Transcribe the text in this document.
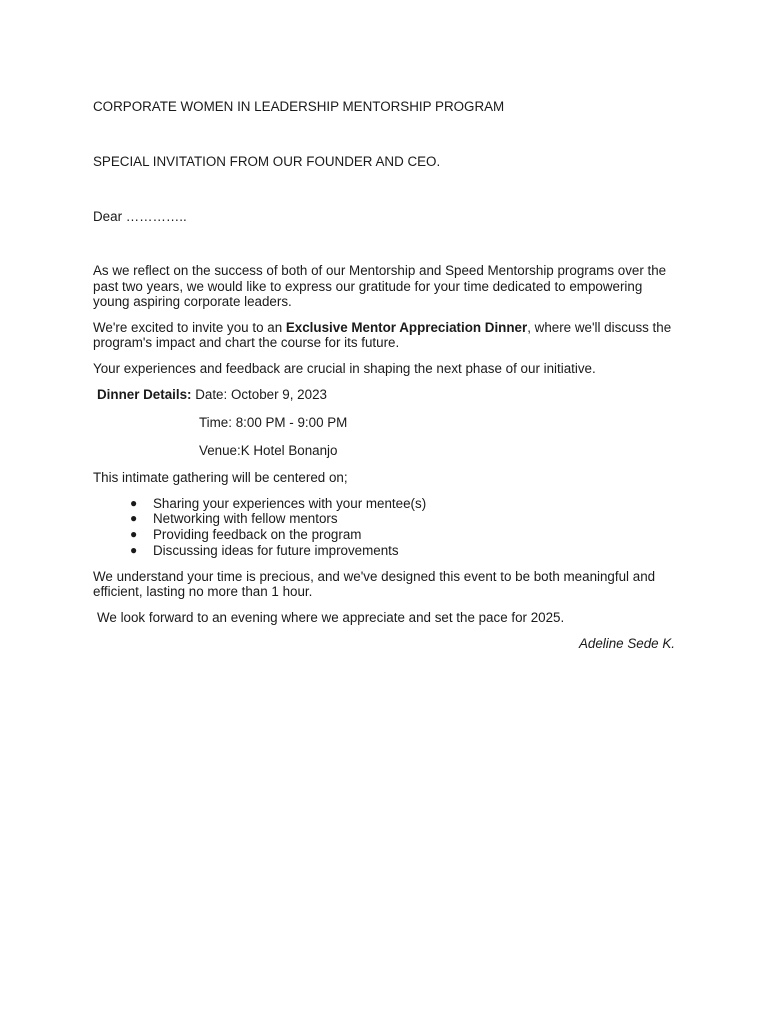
CORPORATE WOMEN IN LEADERSHIP MENTORSHIP PROGRAM

SPECIAL INVITATION FROM OUR FOUNDER AND CEO.

Dear …………..

As we reflect on the success of both of our Mentorship and Speed Mentorship programs over the past two years, we would like to express our gratitude for your time dedicated to empowering young aspiring corporate leaders.

We're excited to invite you to an Exclusive Mentor Appreciation Dinner, where we'll discuss the program's impact and chart the course for its future.

Your experiences and feedback are crucial in shaping the next phase of our initiative.

Dinner Details: Date: October 9, 2023

Time: 8:00 PM - 9:00 PM

Venue:K Hotel Bonanjo

This intimate gathering will be centered on;

● Sharing your experiences with your mentee(s)
● Networking with fellow mentors
● Providing feedback on the program
● Discussing ideas for future improvements

We understand your time is precious, and we've designed this event to be both meaningful and efficient, lasting no more than 1 hour.

We look forward to an evening where we appreciate and set the pace for 2025.

Adeline Sede K.
